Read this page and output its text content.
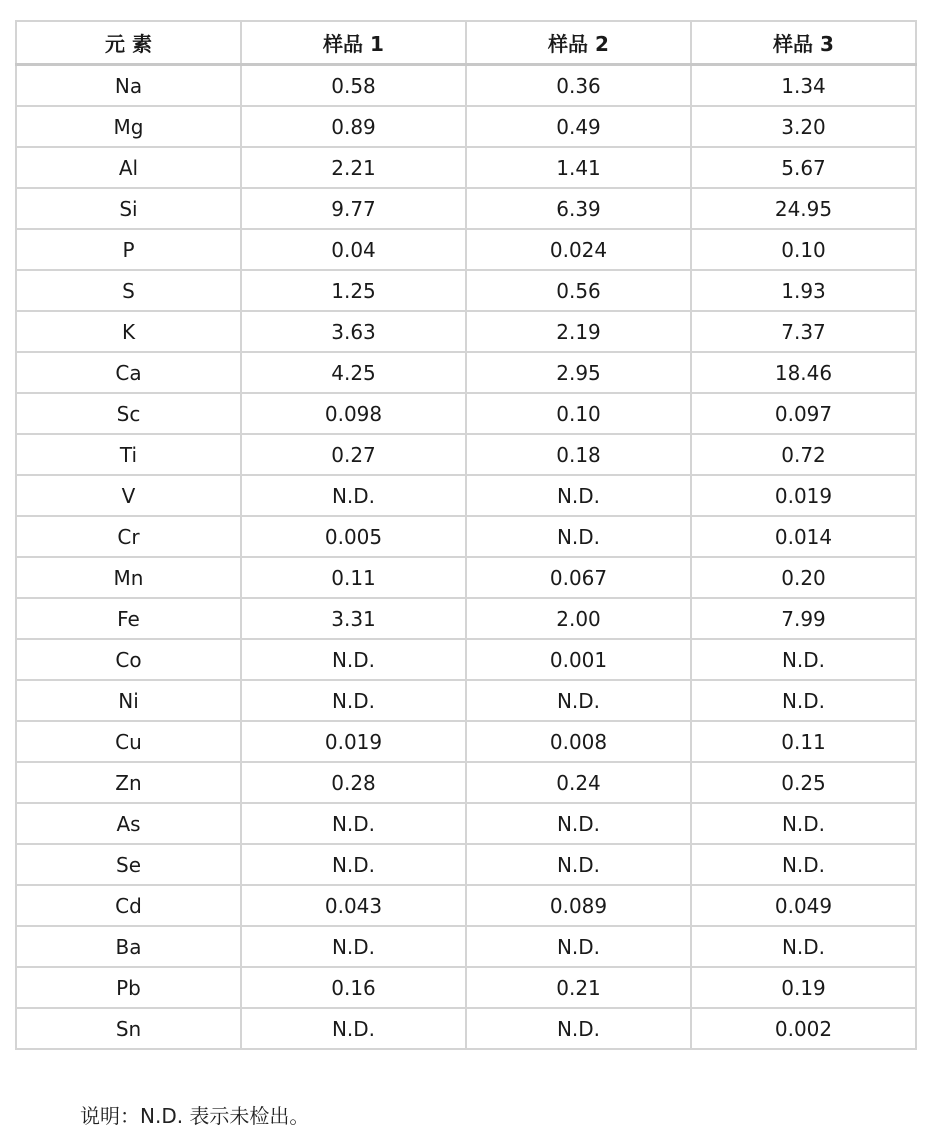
元 素	样品 1	样品 2	样品 3
Na	0.58	0.36	1.34
Mg	0.89	0.49	3.20
Al	2.21	1.41	5.67
Si	9.77	6.39	24.95
P	0.04	0.024	0.10
S	1.25	0.56	1.93
K	3.63	2.19	7.37
Ca	4.25	2.95	18.46
Sc	0.098	0.10	0.097
Ti	0.27	0.18	0.72
V	N.D.	N.D.	0.019
Cr	0.005	N.D.	0.014
Mn	0.11	0.067	0.20
Fe	3.31	2.00	7.99
Co	N.D.	0.001	N.D.
Ni	N.D.	N.D.	N.D.
Cu	0.019	0.008	0.11
Zn	0.28	0.24	0.25
As	N.D.	N.D.	N.D.
Se	N.D.	N.D.	N.D.
Cd	0.043	0.089	0.049
Ba	N.D.	N.D.	N.D.
Pb	0.16	0.21	0.19
Sn	N.D.	N.D.	0.002
说明：N.D. 表示未检出。
